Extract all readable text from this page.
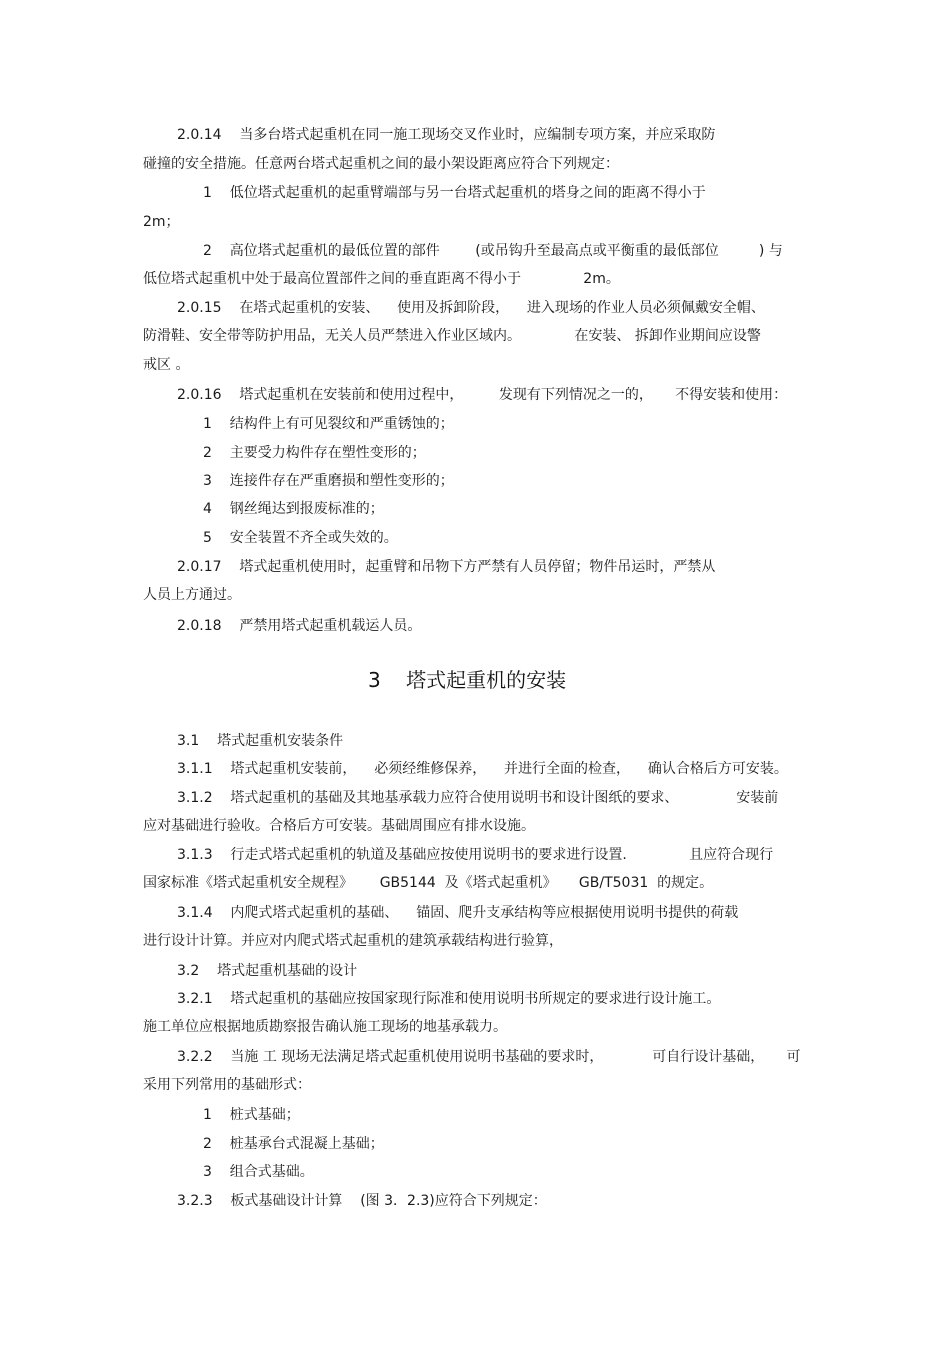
2.0.14    当多台塔式起重机在同一施工现场交叉作业时，应编制专项方案，并应采取防
碰撞的安全措施。任意两台塔式起重机之间的最小架设距离应符合下列规定：
1    低位塔式起重机的起重臂端部与另一台塔式起重机的塔身之间的距离不得小于
2m；
2    高位塔式起重机的最低位置的部件        (或吊钩升至最高点或平衡重的最低部位         ) 与
低位塔式起重机中处于最高位置部件之间的垂直距离不得小于              2m。
2.0.15    在塔式起重机的安装、    使用及拆卸阶段，    进入现场的作业人员必须佩戴安全帽、
防滑鞋、安全带等防护用品，无关人员严禁进入作业区域内。            在安装、 拆卸作业期间应设警
戒区 。
2.0.16    塔式起重机在安装前和使用过程中，        发现有下列情况之一的，     不得安装和使用：
1    结构件上有可见裂纹和严重锈蚀的；
2    主要受力构件存在塑性变形的；
3    连接件存在严重磨损和塑性变形的；
4    钢丝绳达到报废标准的；
5    安全装置不齐全或失效的。
2.0.17    塔式起重机使用时，起重臂和吊物下方严禁有人员停留；物件吊运时，严禁从
人员上方通过。
2.0.18    严禁用塔式起重机载运人员。
3    塔式起重机的安装
3.1    塔式起重机安装条件
3.1.1    塔式起重机安装前，    必须经维修保养，    并进行全面的检查，    确认合格后方可安装。
3.1.2    塔式起重机的基础及其地基承载力应符合使用说明书和设计图纸的要求、             安装前
应对基础进行验收。合格后方可安装。基础周围应有排水设施。
3.1.3    行走式塔式起重机的轨道及基础应按使用说明书的要求进行设置.              且应符合现行
国家标准《塔式起重机安全规程》      GB5144  及《塔式起重机》     GB/T5031  的规定。
3.1.4    内爬式塔式起重机的基础、    锚固、爬升支承结构等应根据使用说明书提供的荷载
进行设计计算。并应对内爬式塔式起重机的建筑承载结构进行验算，
3.2    塔式起重机基础的设计
3.2.1    塔式起重机的基础应按国家现行际准和使用说明书所规定的要求进行设计施工。
施工单位应根据地质勘察报告确认施工现场的地基承载力。
3.2.2    当施 工 现场无法满足塔式起重机使用说明书基础的要求时，           可自行设计基础，     可
采用下列常用的基础形式：
1    桩式基础；
2    桩基承台式混凝上基础；
3    组合式基础。
3.2.3    板式基础设计计算    (图 3．2.3)应符合下列规定：
